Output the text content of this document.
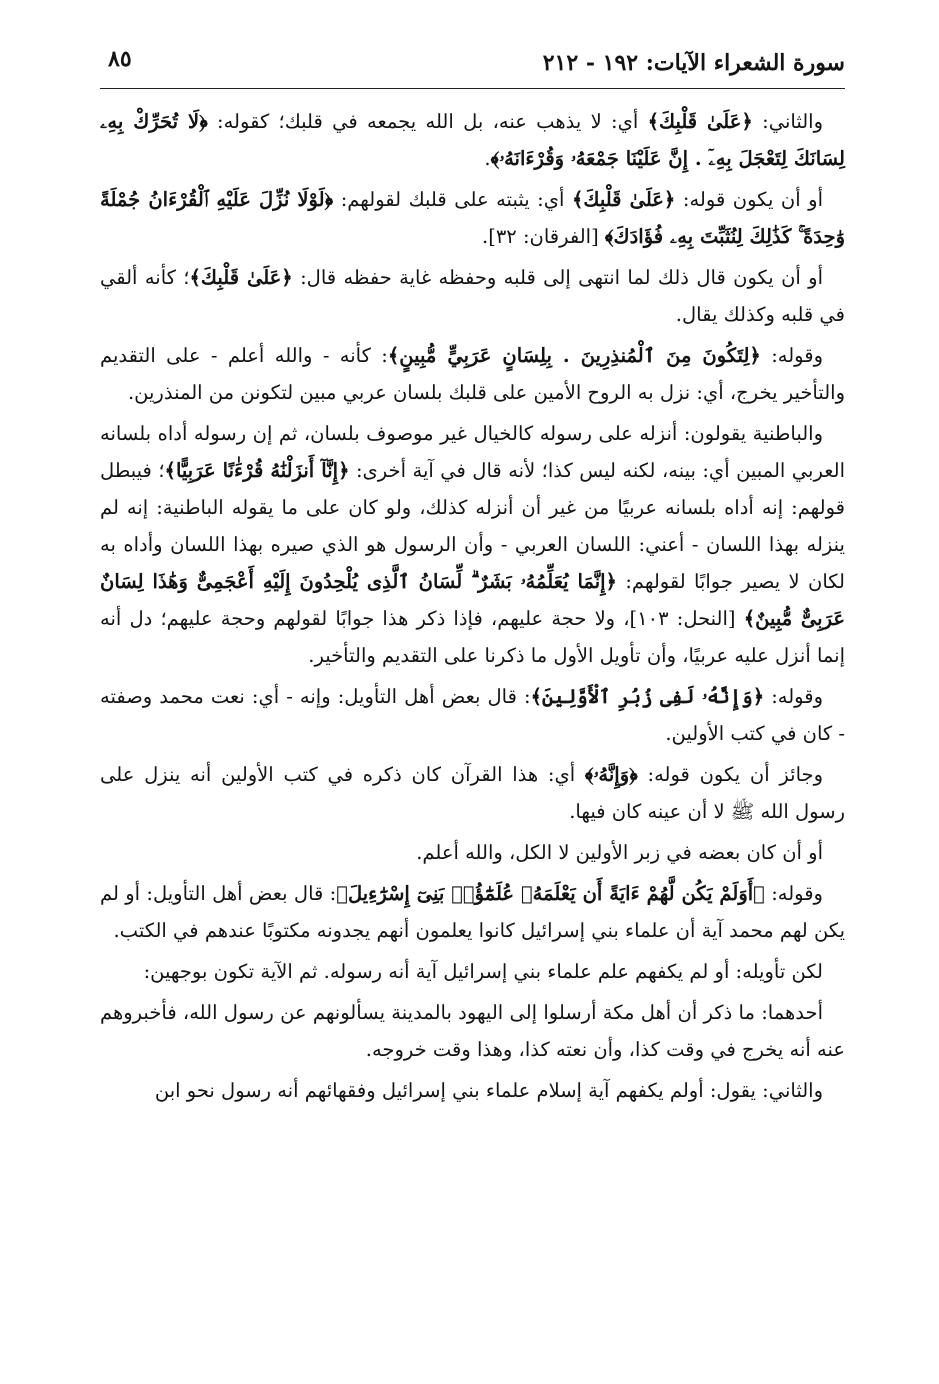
سورة الشعراء الآيات: ١٩٢ - ٢١٢
٨٥

والثاني: ﴿عَلَىٰ قَلْبِكَ﴾ أي: لا يذهب عنه، بل الله يجمعه في قلبك؛ كقوله: ﴿لَا تُحَرِّكْ بِهِۦ لِسَانَكَ لِتَعْجَلَ بِهِۦٓ . إِنَّ عَلَيْنَا جَمْعَهُۥ وَقُرْءَانَهُۥ﴾.

أو أن يكون قوله: ﴿عَلَىٰ قَلْبِكَ﴾ أي: يثبته على قلبك لقولهم: ﴿لَوْلَا نُزِّلَ عَلَيْهِ ٱلْقُرْءَانُ جُمْلَةً وَٰحِدَةً ۚ كَذَٰلِكَ لِنُثَبِّتَ بِهِۦ فُؤَادَكَ﴾ [الفرقان: ٣٢].

أو أن يكون قال ذلك لما انتهى إلى قلبه وحفظه غاية حفظه قال: ﴿عَلَىٰ قَلْبِكَ﴾؛ كأنه ألقي في قلبه وكذلك يقال.

وقوله: ﴿لِتَكُونَ مِنَ ٱلْمُنذِرِينَ . بِلِسَانٍ عَرَبِيٍّ مُّبِينٍ﴾: كأنه - والله أعلم - على التقديم والتأخير يخرج، أي: نزل به الروح الأمين على قلبك بلسان عربي مبين لتكونن من المنذرين.

والباطنية يقولون: أنزله على رسوله كالخيال غير موصوف بلسان، ثم إن رسوله أداه بلسانه العربي المبين أي: بينه، لكنه ليس كذا؛ لأنه قال في آية أخرى: ﴿إِنَّآ أَنزَلْنَٰهُ قُرْءَٰنًا عَرَبِيًّا﴾؛ فيبطل قولهم: إنه أداه بلسانه عربيًا من غير أن أنزله كذلك، ولو كان على ما يقوله الباطنية: إنه لم ينزله بهذا اللسان - أعني: اللسان العربي - وأن الرسول هو الذي صيره بهذا اللسان وأداه به لكان لا يصير جوابًا لقولهم: ﴿إِنَّمَا يُعَلِّمُهُۥ بَشَرٌ ۗ لِّسَانُ ٱلَّذِى يُلْحِدُونَ إِلَيْهِ أَعْجَمِىٌّ وَهَٰذَا لِسَانٌ عَرَبِىٌّ مُّبِينٌ﴾ [النحل: ١٠٣]، ولا حجة عليهم، فإذا ذكر هذا جوابًا لقولهم وحجة عليهم؛ دل أنه إنما أنزل عليه عربيًا، وأن تأويل الأول ما ذكرنا على التقديم والتأخير.

وقوله: ﴿وَإِنَّهُۥ لَفِى زُبُرِ ٱلْأَوَّلِينَ﴾: قال بعض أهل التأويل: وإنه - أي: نعت محمد وصفته - كان في كتب الأولين.

وجائز أن يكون قوله: ﴿وَإِنَّهُۥ﴾ أي: هذا القرآن كان ذكره في كتب الأولين أنه ينزل على رسول الله ﷺ لا أن عينه كان فيها.

أو أن كان بعضه في زبر الأولين لا الكل، والله أعلم.

وقوله: ﴿أَوَلَمْ يَكُن لَّهُمْ ءَايَةً أَن يَعْلَمَهُۥ عُلَمَٰٓؤُا۟ بَنِىٓ إِسْرَٰٓءِيلَ﴾: قال بعض أهل التأويل: أو لم يكن لهم محمد آية أن علماء بني إسرائيل كانوا يعلمون أنهم يجدونه مكتوبًا عندهم في الكتب.

لكن تأويله: أو لم يكفهم علم علماء بني إسرائيل آية أنه رسوله. ثم الآية تكون بوجهين:

أحدهما: ما ذكر أن أهل مكة أرسلوا إلى اليهود بالمدينة يسألونهم عن رسول الله، فأخبروهم عنه أنه يخرج في وقت كذا، وأن نعته كذا، وهذا وقت خروجه.

والثاني: يقول: أولم يكفهم آية إسلام علماء بني إسرائيل وفقهائهم أنه رسول نحو ابن
